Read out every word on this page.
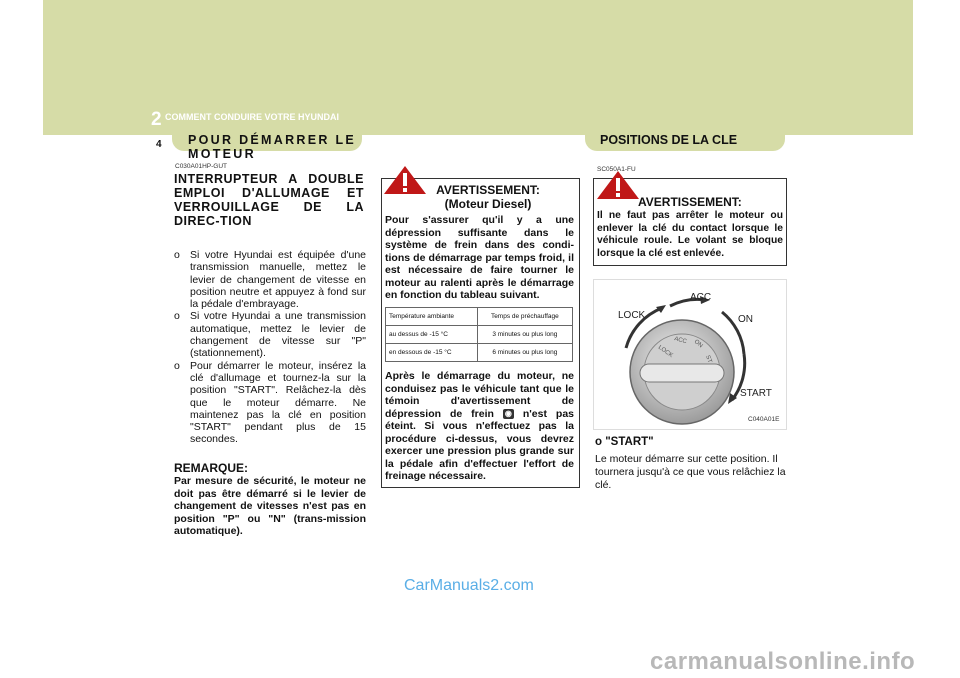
2 COMMENT CONDUIRE VOTRE HYUNDAI
4 POUR DÉMARRER LE MOTEUR
POSITIONS DE LA CLE
C030A01HP-GUT
INTERRUPTEUR A DOUBLE EMPLOI D'ALLUMAGE ET VERROUILLAGE DE LA DIREC-TION
o Si votre Hyundai est équipée d'une transmission manuelle, mettez le levier de changement de vitesse en position neutre et appuyez à fond sur la pédale d'embrayage.
o Si votre Hyundai a une transmission automatique, mettez le levier de changement de vitesse sur "P" (stationnement).
o Pour démarrer le moteur, insérez la clé d'allumage et tournez-la sur la position "START". Relâchez-la dès que le moteur démarre. Ne maintenez pas la clé en position "START" pendant plus de 15 secondes.
REMARQUE:
Par mesure de sécurité, le moteur ne doit pas être démarré si le levier de changement de vitesses n'est pas en position "P" ou "N" (trans-mission automatique).
AVERTISSEMENT:
(Moteur Diesel)
Pour s'assurer qu'il y a une dépression suffisante dans le système de frein dans des condi-tions de démarrage par temps froid, il est nécessaire de faire tourner le moteur au ralenti après le démarrage en fonction du tableau suivant.
Température ambiante	Temps de préchauffage
au dessus de -15 °C	3 minutes ou plus long
en dessous de -15 °C	6 minutes ou plus long
Après le démarrage du moteur, ne conduisez pas le véhicule tant que le témoin d'avertissement de dépression de frein ◉ n'est pas éteint. Si vous n'effectuez pas la procédure ci-dessus, vous devrez exercer une pression plus grande sur la pédale afin d'effectuer l'effort de freinage nécessaire.
SC050A1-FU
AVERTISSEMENT:
Il ne faut pas arrêter le moteur ou enlever la clé du contact lorsque le véhicule roule. Le volant se bloque lorsque la clé est enlevée.
LOCK
ACC ON
ST
LOCK
ACC
ON
START
C040A01E
o "START"
Le moteur démarre sur cette position. Il tournera jusqu'à ce que vous relâchiez la clé.
CarManuals2.com
carmanualsonline.info
